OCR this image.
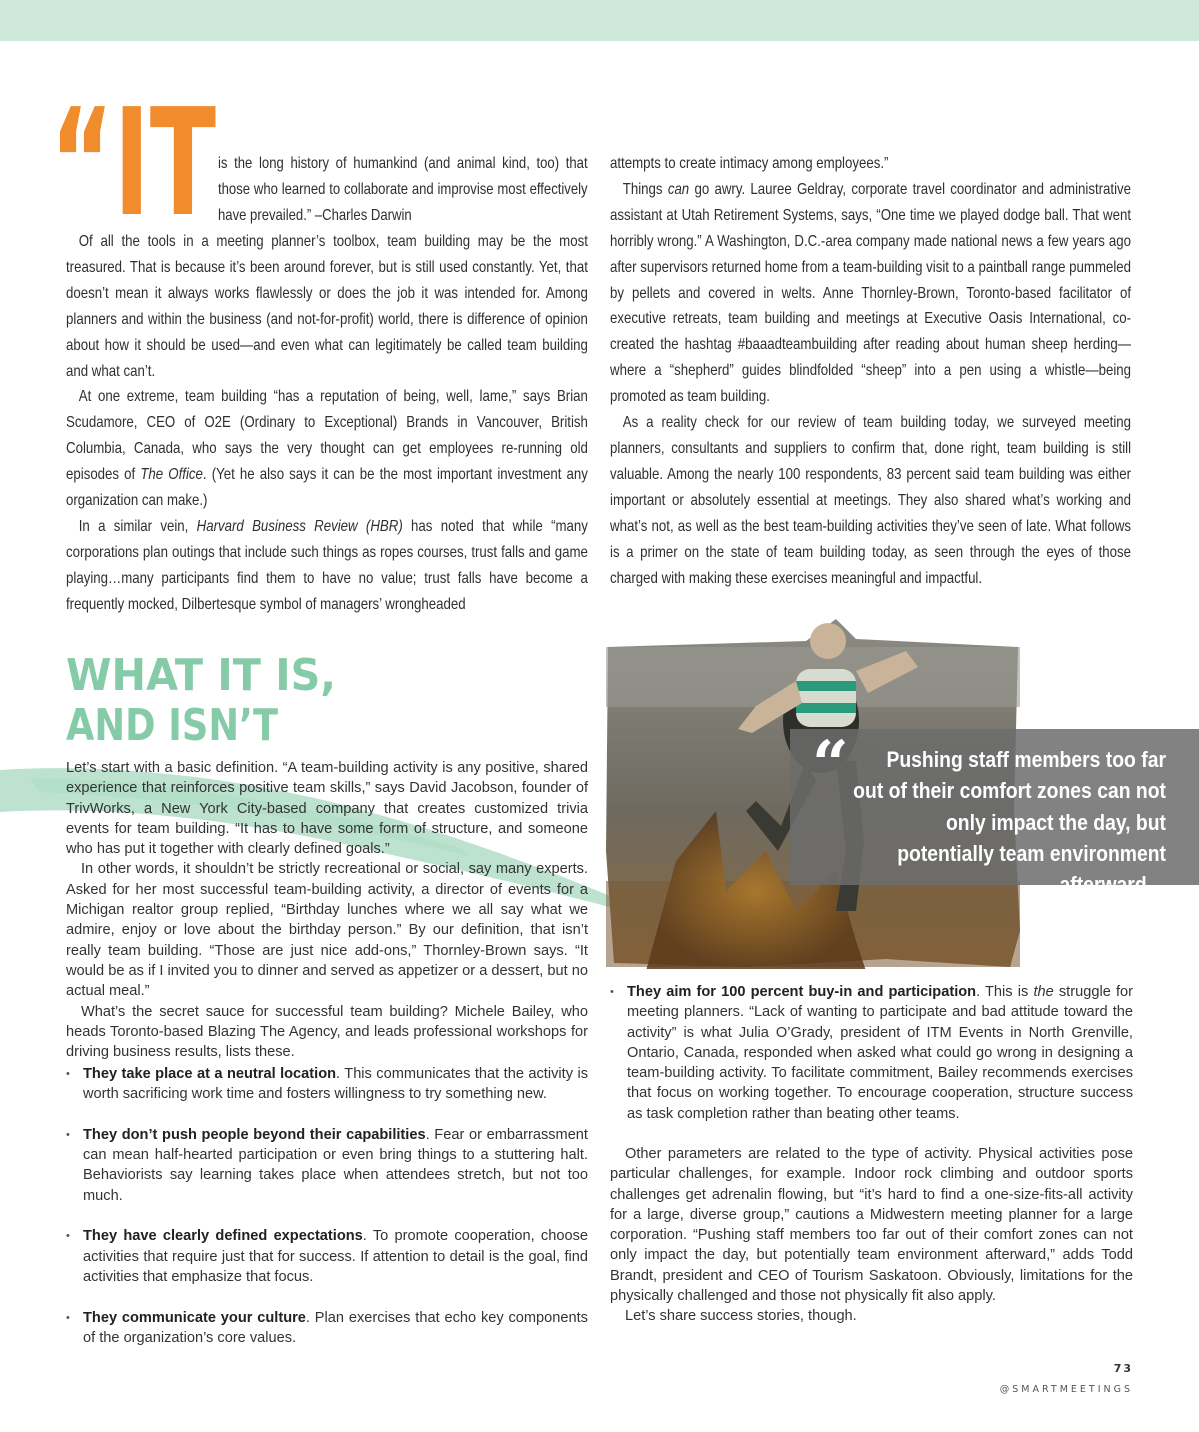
“IT is the long history of humankind (and animal kind, too) that those who learned to collaborate and improvise most effectively have prevailed.” –Charles Darwin

Of all the tools in a meeting planner’s toolbox, team building may be the most treasured. That is because it’s been around forever, but is still used constantly. Yet, that doesn’t mean it always works flawlessly or does the job it was intended for. Among planners and within the business (and not-for-profit) world, there is difference of opinion about how it should be used—and even what can legitimately be called team building and what can’t.

At one extreme, team building “has a reputation of being, well, lame,” says Brian Scudamore, CEO of O2E (Ordinary to Exceptional) Brands in Vancouver, British Columbia, Canada, who says the very thought can get employees re-running old episodes of The Office. (Yet he also says it can be the most important investment any organization can make.)

In a similar vein, Harvard Business Review (HBR) has noted that while “many corporations plan outings that include such things as ropes courses, trust falls and game playing…many participants find them to have no value; trust falls have become a frequently mocked, Dilbertesque symbol of managers’ wrongheaded

attempts to create intimacy among employees.”

Things can go awry. Lauree Geldray, corporate travel coordinator and administrative assistant at Utah Retirement Systems, says, “One time we played dodge ball. That went horribly wrong.” A Washington, D.C.-area company made national news a few years ago after supervisors returned home from a team-building visit to a paintball range pummeled by pellets and covered in welts. Anne Thornley-Brown, Toronto-based facilitator of executive retreats, team building and meetings at Executive Oasis International, co-created the hashtag #baaadteambuilding after reading about human sheep herding—where a “shepherd” guides blindfolded “sheep” into a pen using a whistle—being promoted as team building.

As a reality check for our review of team building today, we surveyed meeting planners, consultants and suppliers to confirm that, done right, team building is still valuable. Among the nearly 100 respondents, 83 percent said team building was either important or absolutely essential at meetings. They also shared what’s working and what’s not, as well as the best team-building activities they’ve seen of late. What follows is a primer on the state of team building today, as seen through the eyes of those charged with making these exercises meaningful and impactful.

WHAT IT IS,
AND ISN’T

Let’s start with a basic definition. “A team-building activity is any positive, shared experience that reinforces positive team skills,” says David Jacobson, founder of TrivWorks, a New York City-based company that creates customized trivia events for team building. “It has to have some form of structure, and someone who has put it together with clearly defined goals.”

In other words, it shouldn’t be strictly recreational or social, say many experts. Asked for her most successful team-building activity, a director of events for a Michigan realtor group replied, “Birthday lunches where we all say what we admire, enjoy or love about the birthday person.” By our definition, that isn’t really team building. “Those are just nice add-ons,” Thornley-Brown says. “It would be as if I invited you to dinner and served as appetizer or a dessert, but no actual meal.”

What’s the secret sauce for successful team building? Michele Bailey, who heads Toronto-based Blazing The Agency, and leads professional workshops for driving business results, lists these.

• They take place at a neutral location. This communicates that the activity is worth sacrificing work time and fosters willingness to try something new.
• They don’t push people beyond their capabilities. Fear or embarrassment can mean half-hearted participation or even bring things to a stuttering halt. Behaviorists say learning takes place when attendees stretch, but not too much.
• They have clearly defined expectations. To promote cooperation, choose activities that require just that for success. If attention to detail is the goal, find activities that emphasize that focus.
• They communicate your culture. Plan exercises that echo key components of the organization’s core values.
“	Pushing staff members too far out of their comfort zones can not only impact the day, but potentially team environment afterward…
• They aim for 100 percent buy-in and participation. This is the struggle for meeting planners. “Lack of wanting to participate and bad attitude toward the activity” is what Julia O’Grady, president of ITM Events in North Grenville, Ontario, Canada, responded when asked what could go wrong in designing a team-building activity. To facilitate commitment, Bailey recommends exercises that focus on working together. To encourage cooperation, structure success as task completion rather than beating other teams.

Other parameters are related to the type of activity. Physical activities pose particular challenges, for example. Indoor rock climbing and outdoor sports challenges get adrenalin flowing, but “it’s hard to find a one-size-fits-all activity for a large, diverse group,” cautions a Midwestern meeting planner for a large corporation. “Pushing staff members too far out of their comfort zones can not only impact the day, but potentially team environment afterward,” adds Todd Brandt, president and CEO of Tourism Saskatoon. Obviously, limitations for the physically challenged and those not physically fit also apply.

Let’s share success stories, though.

73
@SMARTMEETINGS
